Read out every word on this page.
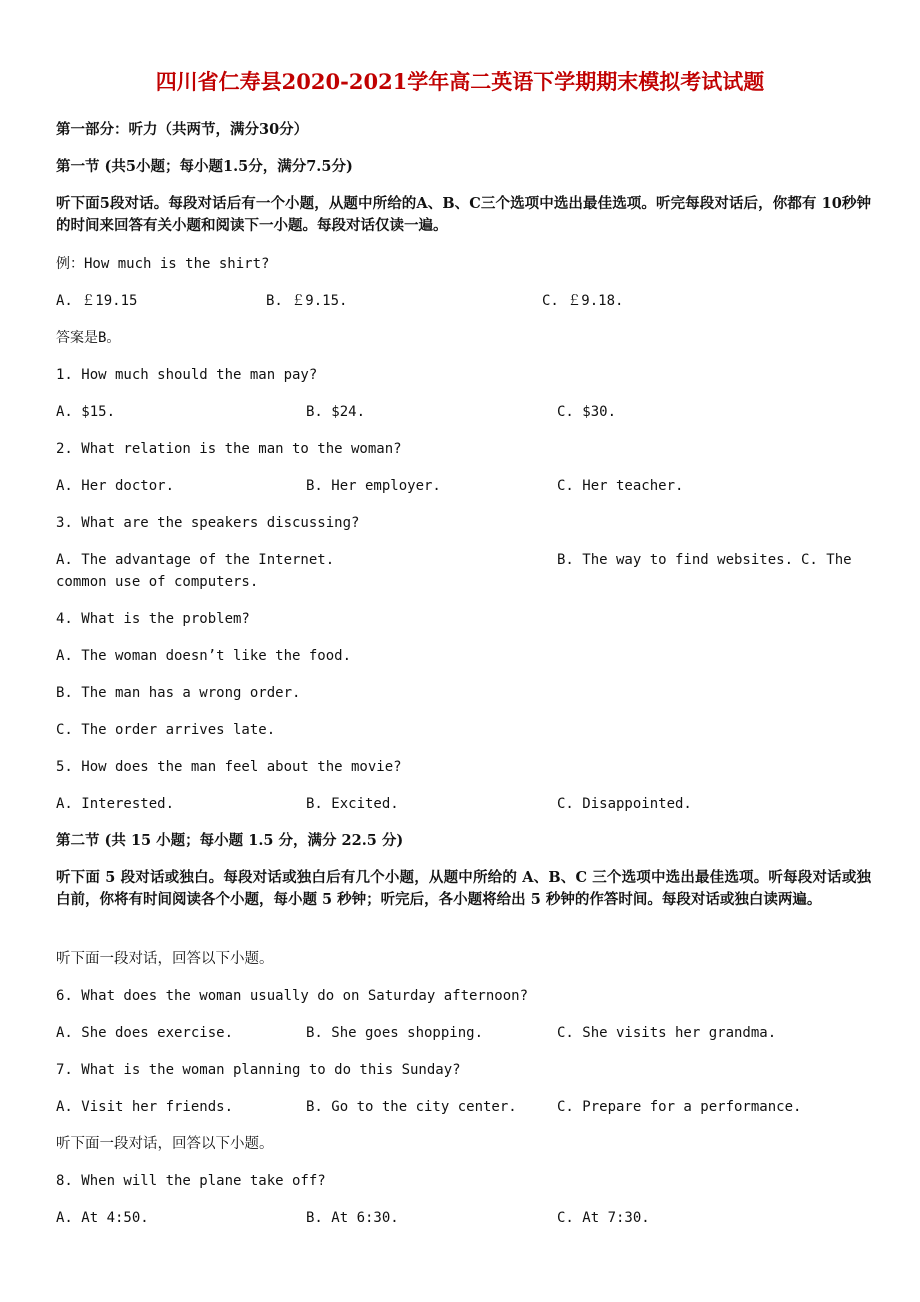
四川省仁寿县2020-2021学年高二英语下学期期末模拟考试试题
第一部分：听力（共两节，满分30分）
第一节 (共5小题；每小题1.5分，满分7.5分)
听下面5段对话。每段对话后有一个小题，从题中所给的A、B、C三个选项中选出最佳选项。听完每段对话后，你都有 10秒钟的时间来回答有关小题和阅读下一小题。每段对话仅读一遍。
例：How much is the shirt?
A. ￡19.15	B. ￡9.15.	C. ￡9.18.
答案是B。
1. How much should the man pay?
A. $15.	B. $24.	C. $30.
2. What relation is the man to the woman?
A. Her doctor.	B. Her employer.	C. Her teacher.
3. What are the speakers discussing?
A. The advantage of the Internet.	B. The way to find websites. C. The
common use of computers.
4. What is the problem?
A. The woman doesn’t like the food.
B. The man has a wrong order.
C. The order arrives late.
5. How does the man feel about the movie?
A. Interested.	B. Excited.	C. Disappointed.
第二节 (共 15 小题；每小题 1.5 分，满分 22.5 分)
听下面 5 段对话或独白。每段对话或独白后有几个小题，从题中所给的 A、B、C 三个选项中选出最佳选项。听每段对话或独白前，你将有时间阅读各个小题，每小题 5 秒钟；听完后，各小题将给出 5 秒钟的作答时间。每段对话或独白读两遍。
听下面一段对话，回答以下小题。
6. What does the woman usually do on Saturday afternoon?
A. She does exercise.	B. She goes shopping.	C. She visits her grandma.
7. What is the woman planning to do this Sunday?
A. Visit her friends.	B. Go to the city center.	C. Prepare for a performance.
听下面一段对话，回答以下小题。
8. When will the plane take off?
A. At 4:50.	B. At 6:30.	C. At 7:30.
